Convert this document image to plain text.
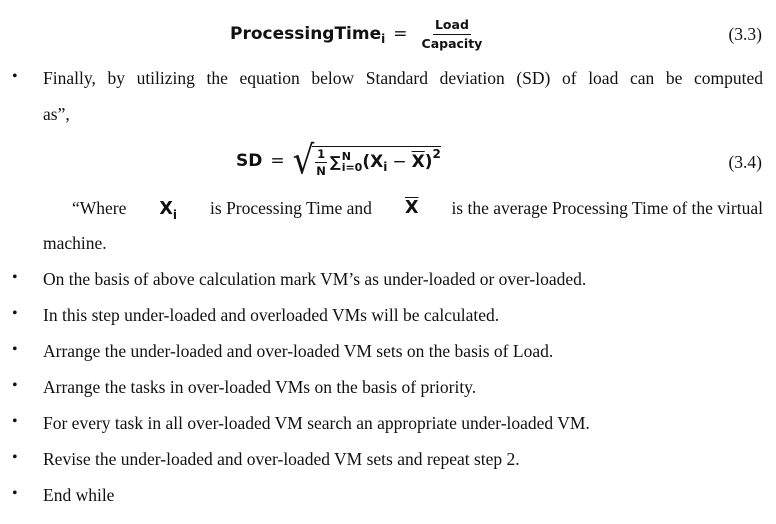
ProcessingTime $i = \frac{\text{Load}}{\text{Capacity}}$	(3.3)
• Finally, by utilizing the equation below Standard deviation (SD) of load can be computed
as”,
SD = √ $\frac{1}{N}$ ∑ N
i=0 (X $i - \overline{X}$ ) 2	(3.4)
“Where $X_i$ is Processing Time and $\overline{X}$ is the average Processing Time of the virtual
machine.
• On the basis of above calculation mark VM’s as under-loaded or over-loaded.
• In this step under-loaded and overloaded VMs will be calculated.
• Arrange the under-loaded and over-loaded VM sets on the basis of Load.
• Arrange the tasks in over-loaded VMs on the basis of priority.
• For every task in all over-loaded VM search an appropriate under-loaded VM.
• Revise the under-loaded and over-loaded VM sets and repeat step 2.
• End while
